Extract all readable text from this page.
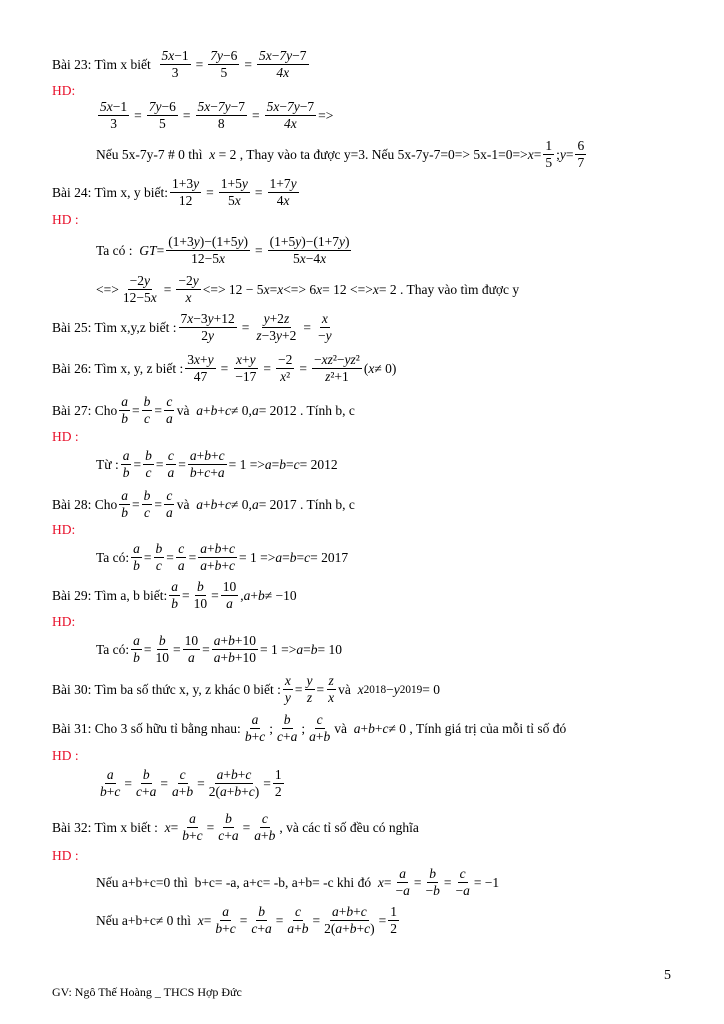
Bài 23: Tìm x biết $\frac{5x-1}{3} = \frac{7y-6}{5} = \frac{5x-7y-7}{4x}$
HD:
$\frac{5x-1}{3} = \frac{7y-6}{5} = \frac{5x-7y-7}{8} = \frac{5x-7y-7}{4x}$ =>
Nếu 5x-7y-7 # 0 thì x = 2 , Thay vào ta được y=3. Nếu $5x-7y-7=0=> 5x-1=0=> x = \frac{1}{5}$ ; $y = \frac{6}{7}$
Bài 24: Tìm x, y biết: $\frac{1+3y}{12} = \frac{1+5y}{5x} = \frac{1+7y}{4x}$
HD :
Ta có : GT = $\frac{(1+3y)-(1+5y)}{12-5x} = \frac{(1+5y)-(1+7y)}{5x-4x}$
<=> $\frac{-2y}{12-5x} = \frac{-2y}{x}$ <=> 12 − 5 x = x <=> 6 x = 12 <=> x = 2 . Thay vào tìm được y
Bài 25: Tìm x,y,z biết : $\frac{7x-3y+12}{2y} = \frac{y+2z}{z-3y+2} = \frac{x}{-y}$
Bài 26: Tìm x, y, z biết : $\frac{3x+y}{47} = \frac{x+y}{-17} = \frac{-2}{\text{x²}} = \frac{\text{−xz²−yz²}}{\text{z²+1}}$ ( x ≠ 0)
Bài 27: Cho $\frac{a}{b} = \frac{b}{c} = \frac{c}{a}$ và a + b + c ≠ 0, a = 2012 . Tính b, c
HD :
Từ : $\frac{a}{b} = \frac{b}{c} = \frac{c}{a} = \frac{a+b+c}{b+c+a} = 1 => a = b = c = 2012$
Bài 28: Cho $\frac{a}{b} = \frac{b}{c} = \frac{c}{a}$ và a + b + c ≠ 0, a = 2017 . Tính b, c
HD:
Ta có: $\frac{a}{b} = \frac{b}{c} = \frac{c}{a} = \frac{a+b+c}{a+b+c} = 1 => a = b = c = 2017$
Bài 29: Tìm a, b biết: $\frac{a}{b} = \frac{b}{10} = \frac{10}{a}$ , a + b ≠ −10
HD:
Ta có: $\frac{a}{b} = \frac{b}{10} = \frac{10}{a} = \frac{a+b+10}{a+b+10} = 1 => a = b = 10$
Bài 30: Tìm ba số thức x, y, z khác 0 biết : $\frac{x}{y} = \frac{y}{z} = \frac{z}{x}$ và x 2018 − y 2019 = 0
Bài 31: Cho 3 số hữu tỉ bằng nhau: $\frac{a}{b+c}$ ; $\frac{b}{c+a}$ ; $\frac{c}{a+b}$ và a + b + c ≠ 0 , Tính giá trị của mỗi tỉ số đó
HD :
$\frac{a}{b+c} = \frac{b}{c+a} = \frac{c}{a+b} = \frac{a+b+c}{2(a+b+c)} = \frac{1}{2}$
Bài 32: Tìm x biết : $x = \frac{a}{b+c} = \frac{b}{c+a} = \frac{c}{a+b}$ , và các tỉ số đều có nghĩa
HD :
Nếu a+b+c=0 thì  b+c= -a, a+c= -b, a+b= -c khi đó $x = \frac{a}{-a} = \frac{b}{-b} = \frac{c}{-a} = -1$
Nếu a+b+c≠ 0 thì $x = \frac{a}{b+c} = \frac{b}{c+a} = \frac{c}{a+b} = \frac{a+b+c}{2(a+b+c)} = \frac{1}{2}$
5
GV: Ngô Thế Hoàng _ THCS Hợp Đức
